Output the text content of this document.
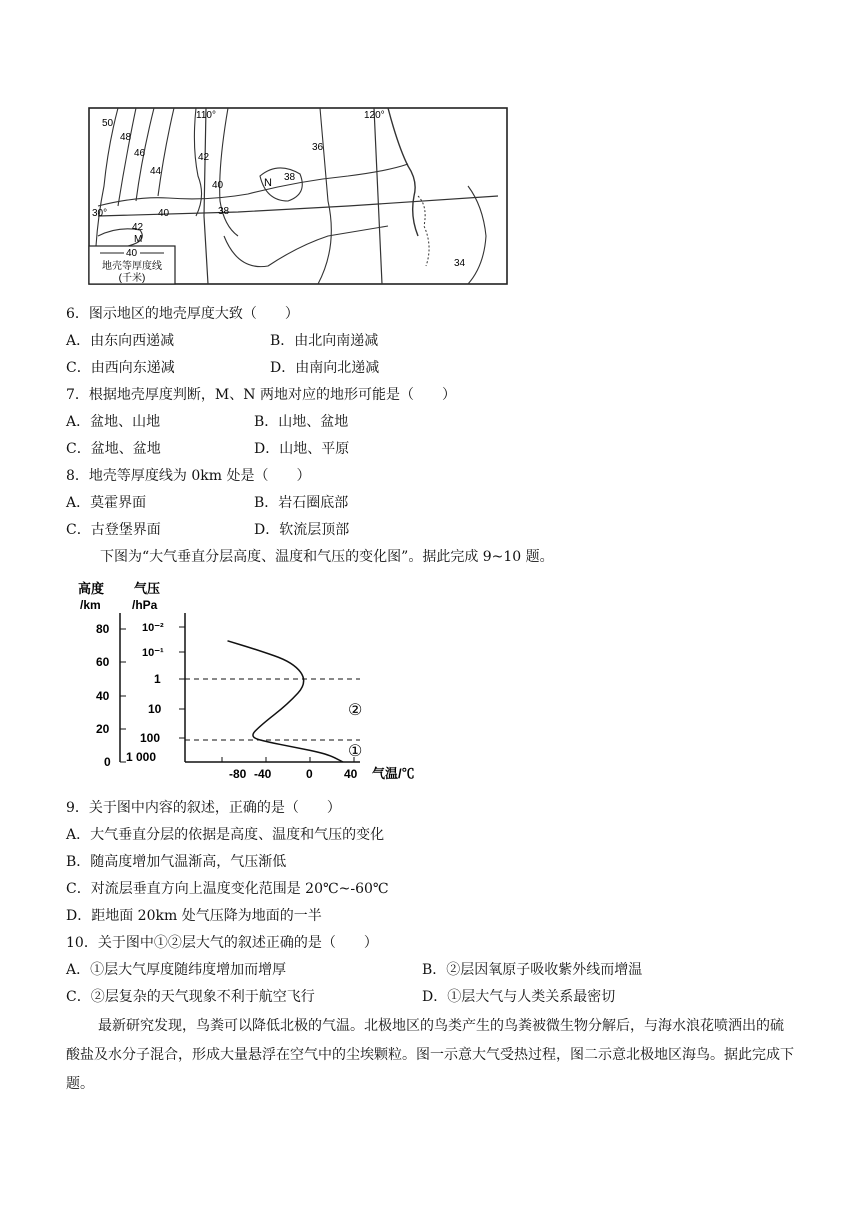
40
地壳等厚度线
(千米)
110°	120°
30°
50
48
46
44
42
40
38
36
38
42
40
34
N
M
6．图示地区的地壳厚度大致（　　）
A．由东向西递减	B．由北向南递减
C．由西向东递减	D．由南向北递减
7．根据地壳厚度判断，M、N 两地对应的地形可能是（　　）
A．盆地、山地	B．山地、盆地
C．盆地、盆地	D．山地、平原
8．地壳等厚度线为 0km 处是（　　）
A．莫霍界面	B．岩石圈底部
C．古登堡界面	D．软流层顶部
下图为“大气垂直分层高度、温度和气压的变化图”。据此完成 9~10 题。
高度
/km
气压
/hPa
80
60
40
20
0
10⁻²
10⁻¹
1
10
100
1 000
-80 -40	0	40 气温/℃
②
①
9．关于图中内容的叙述，正确的是（　　）
A．大气垂直分层的依据是高度、温度和气压的变化
B．随高度增加气温渐高，气压渐低
C．对流层垂直方向上温度变化范围是 20℃~-60℃
D．距地面 20km 处气压降为地面的一半
10．关于图中①②层大气的叙述正确的是（　　）
A．①层大气厚度随纬度增加而增厚	B．②层因氧原子吸收紫外线而增温
C．②层复杂的天气现象不利于航空飞行	D．①层大气与人类关系最密切
最新研究发现，鸟粪可以降低北极的气温。北极地区的鸟类产生的鸟粪被微生物分解后，与海水浪花喷洒出的硫酸盐及水分子混合，形成大量悬浮在空气中的尘埃颗粒。图一示意大气受热过程，图二示意北极地区海鸟。据此完成下题。
